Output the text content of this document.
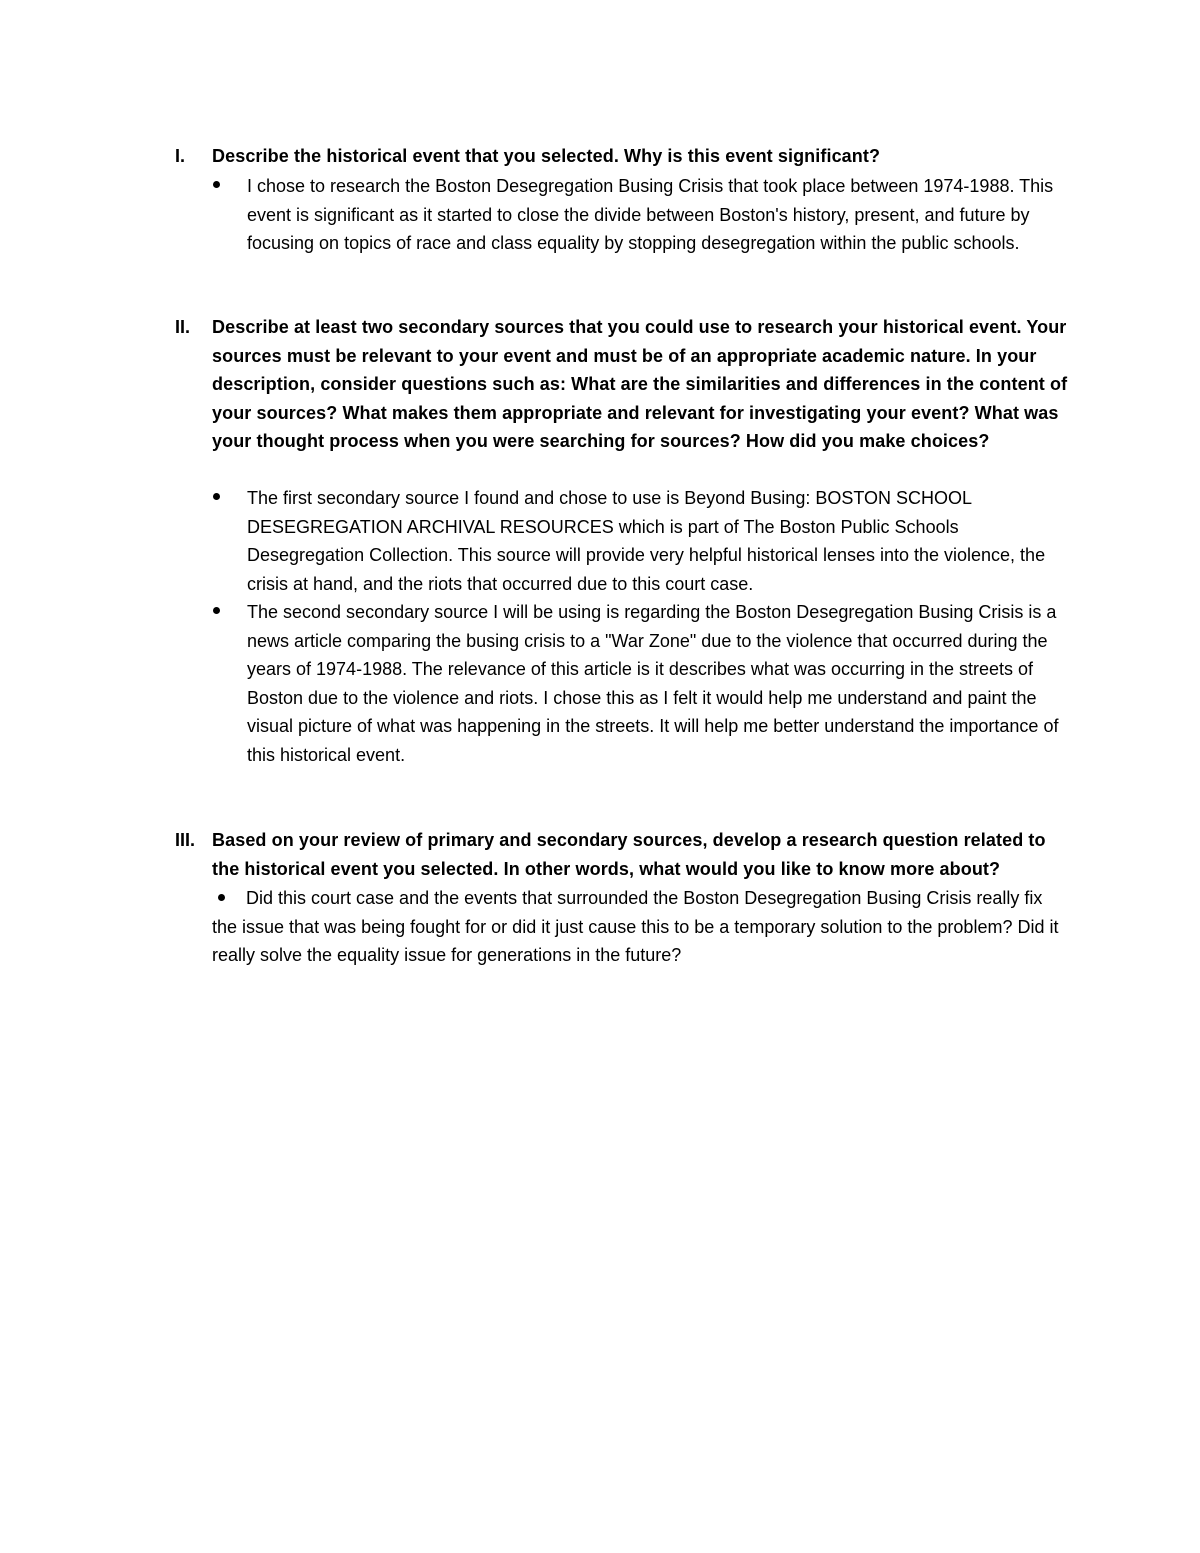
I. Describe the historical event that you selected. Why is this event significant?
I chose to research the Boston Desegregation Busing Crisis that took place between 1974-1988. This event is significant as it started to close the divide between Boston's history, present, and future by focusing on topics of race and class equality by stopping desegregation within the public schools.
II. Describe at least two secondary sources that you could use to research your historical event. Your sources must be relevant to your event and must be of an appropriate academic nature. In your description, consider questions such as: What are the similarities and differences in the content of your sources? What makes them appropriate and relevant for investigating your event? What was your thought process when you were searching for sources? How did you make choices?
The first secondary source I found and chose to use is Beyond Busing: BOSTON SCHOOL DESEGREGATION ARCHIVAL RESOURCES which is part of The Boston Public Schools Desegregation Collection. This source will provide very helpful historical lenses into the violence, the crisis at hand, and the riots that occurred due to this court case.
The second secondary source I will be using is regarding the Boston Desegregation Busing Crisis is a news article comparing the busing crisis to a "War Zone" due to the violence that occurred during the years of 1974-1988. The relevance of this article is it describes what was occurring in the streets of Boston due to the violence and riots. I chose this as I felt it would help me understand and paint the visual picture of what was happening in the streets. It will help me better understand the importance of this historical event.
III. Based on your review of primary and secondary sources, develop a research question related to the historical event you selected. In other words, what would you like to know more about?
Did this court case and the events that surrounded the Boston Desegregation Busing Crisis really fix the issue that was being fought for or did it just cause this to be a temporary solution to the problem? Did it really solve the equality issue for generations in the future?
